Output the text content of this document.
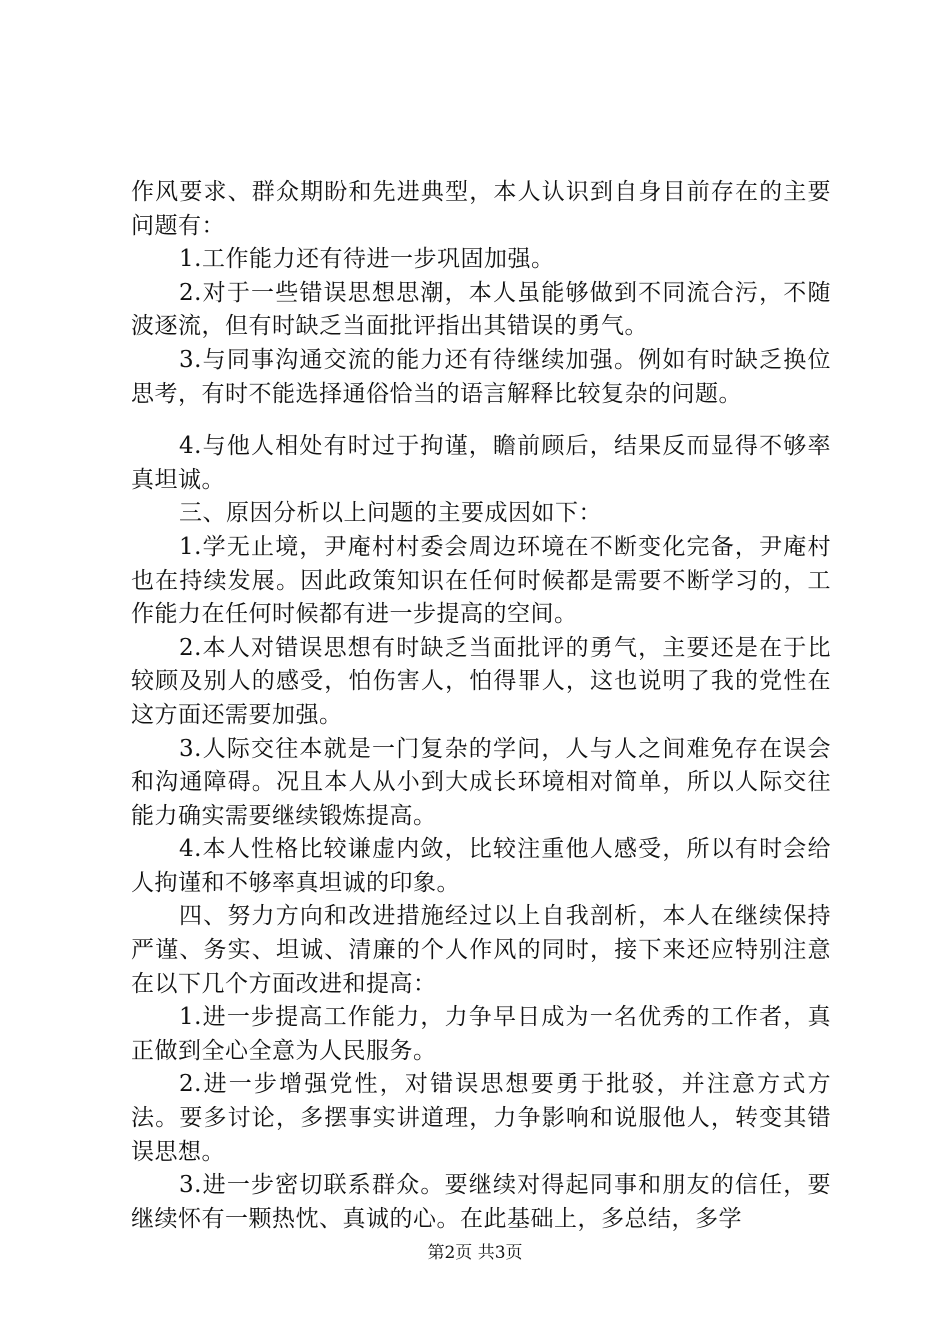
作风要求、群众期盼和先进典型，本人认识到自身目前存在的主要问题有：

1.工作能力还有待进一步巩固加强。

2.对于一些错误思想思潮，本人虽能够做到不同流合污，不随波逐流，但有时缺乏当面批评指出其错误的勇气。

3.与同事沟通交流的能力还有待继续加强。例如有时缺乏换位思考，有时不能选择通俗恰当的语言解释比较复杂的问题。

4.与他人相处有时过于拘谨，瞻前顾后，结果反而显得不够率真坦诚。

三、原因分析以上问题的主要成因如下：

1.学无止境，尹庵村村委会周边环境在不断变化完备，尹庵村也在持续发展。因此政策知识在任何时候都是需要不断学习的，工作能力在任何时候都有进一步提高的空间。

2.本人对错误思想有时缺乏当面批评的勇气，主要还是在于比较顾及别人的感受，怕伤害人，怕得罪人，这也说明了我的党性在这方面还需要加强。

3.人际交往本就是一门复杂的学问，人与人之间难免存在误会和沟通障碍。况且本人从小到大成长环境相对简单，所以人际交往能力确实需要继续锻炼提高。

4.本人性格比较谦虚内敛，比较注重他人感受，所以有时会给人拘谨和不够率真坦诚的印象。

四、努力方向和改进措施经过以上自我剖析，本人在继续保持严谨、务实、坦诚、清廉的个人作风的同时，接下来还应特别注意在以下几个方面改进和提高：

1.进一步提高工作能力，力争早日成为一名优秀的工作者，真正做到全心全意为人民服务。

2.进一步增强党性，对错误思想要勇于批驳，并注意方式方法。要多讨论，多摆事实讲道理，力争影响和说服他人，转变其错误思想。

3.进一步密切联系群众。要继续对得起同事和朋友的信任，要继续怀有一颗热忱、真诚的心。在此基础上，多总结，多学

第2页 共3页
